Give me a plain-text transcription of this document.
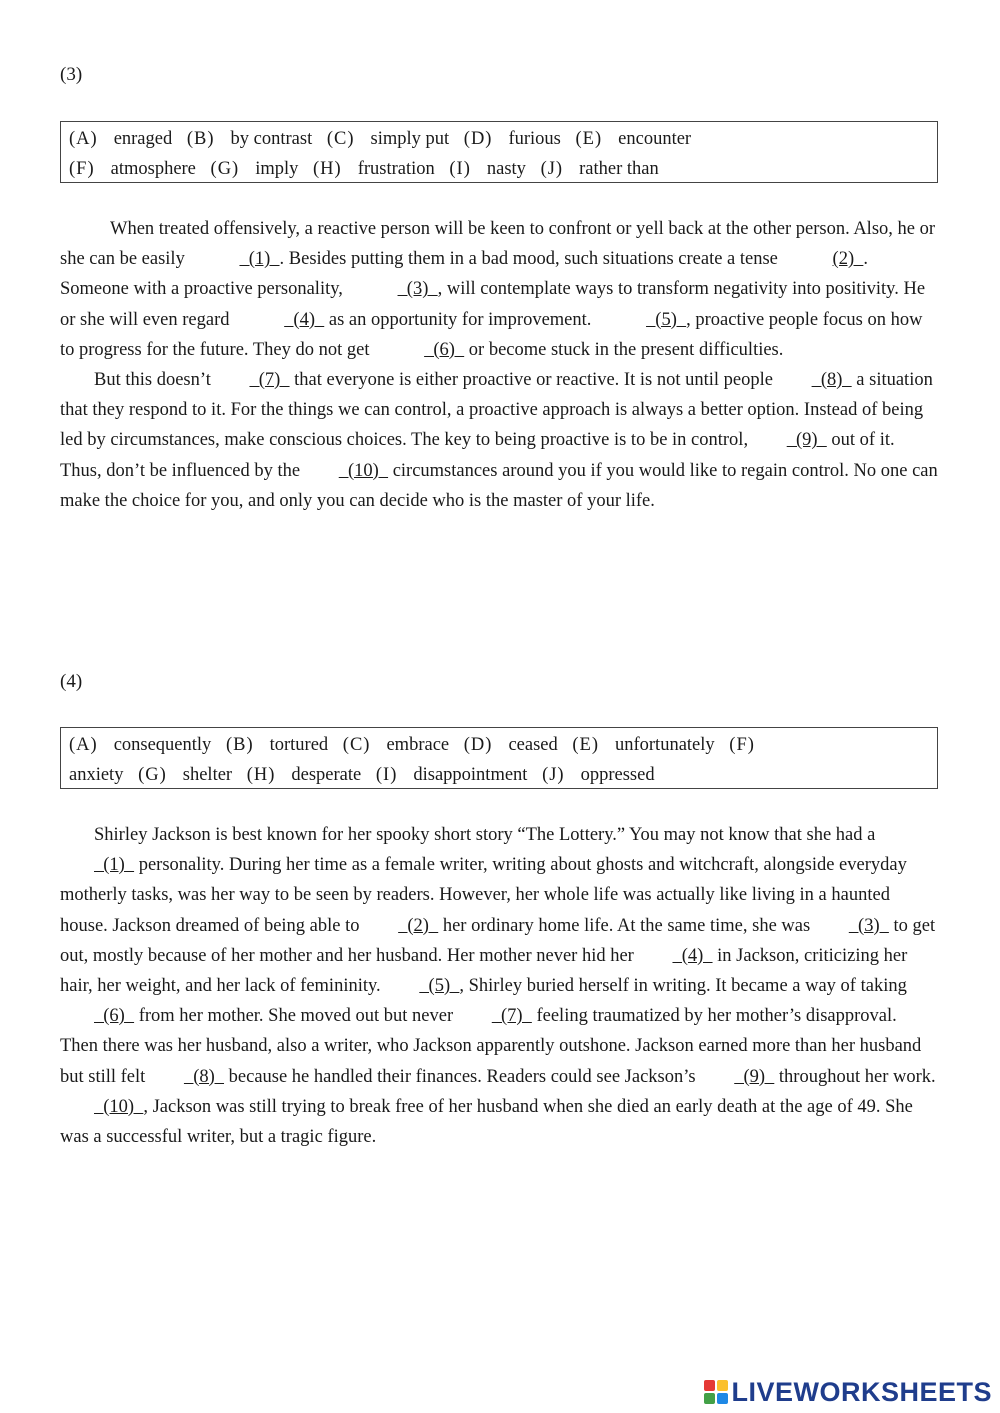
(3)
(A) enraged (B) by contrast (C) simply put (D) furious (E) encounter
(F) atmosphere (G) imply (H) frustration (I) nasty (J) rather than

When treated offensively, a reactive person will be keen to confront or yell back at the other person. Also, he or she can be easily	(1)  . Besides putting them in a bad mood, such situations create a tense	(2)  . Someone with a proactive personality,	(3)  , will contemplate ways to transform negativity into positivity. He or she will even regard	(4)   as an opportunity for improvement.	(5)  , proactive people focus on how to progress for the future. They do not get	(6)   or become stuck in the present difficulties.

But this doesn’t   (7)   that everyone is either proactive or reactive. It is not until people   (8)   a situation that they respond to it. For the things we can control, a proactive approach is always a better option. Instead of being led by circumstances, make conscious choices. The key to being proactive is to be in control,   (9)   out of it. Thus, don’t be influenced by the   (10)   circumstances around you if you would like to regain control. No one can make the choice for you, and only you can decide who is the master of your life.

(4)
(A) consequently (B) tortured (C) embrace (D) ceased (E) unfortunately (F)
anxiety (G) shelter (H) desperate (I) disappointment (J) oppressed

Shirley Jackson is best known for her spooky short story “The Lottery.” You may not know that she had a   (1)   personality. During her time as a female writer, writing about ghosts and witchcraft, alongside everyday motherly tasks, was her way to be seen by readers. However, her whole life was actually like living in a haunted house. Jackson dreamed of being able to   (2)   her ordinary home life. At the same time, she was   (3)   to get out, mostly because of her mother and her husband. Her mother never hid her   (4)   in Jackson, criticizing her hair, her weight, and her lack of femininity.   (5)  , Shirley buried herself in writing. It became a way of taking   (6)   from her mother. She moved out but never   (7)   feeling traumatized by her mother’s disapproval. Then there was her husband, also a writer, who Jackson apparently outshone. Jackson earned more than her husband but still felt   (8)   because he handled their finances. Readers could see Jackson’s   (9)   throughout her work.   (10)  , Jackson was still trying to break free of her husband when she died an early death at the age of 49. She was a successful writer, but a tragic figure.

LIVEWORKSHEETS
